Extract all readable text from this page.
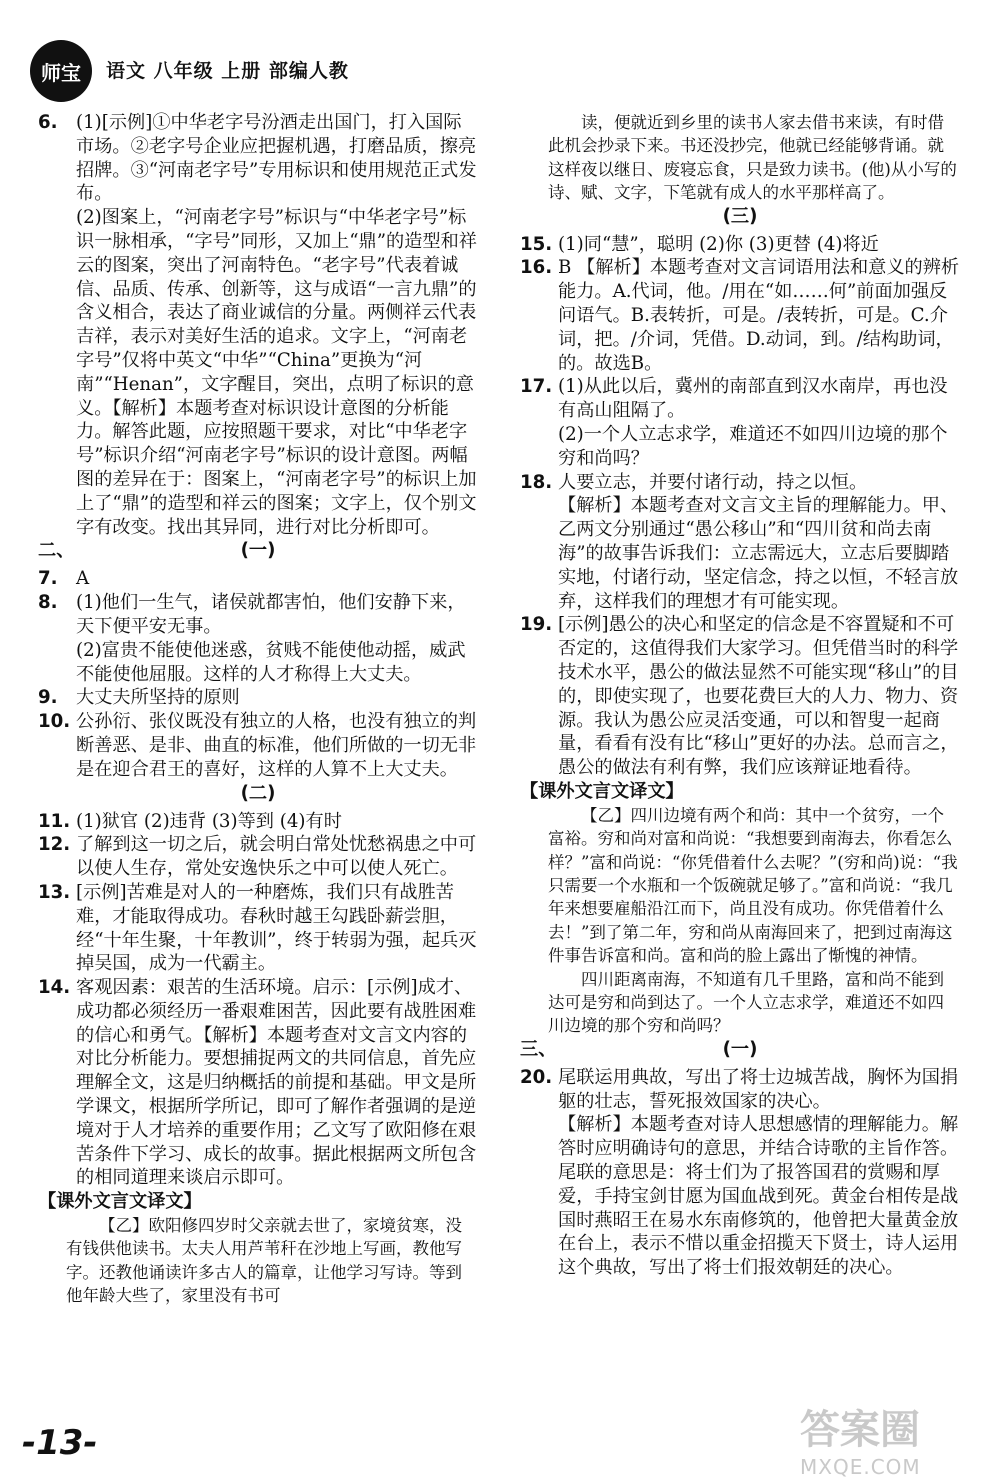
师宝 语文 八年级 上册 部编人教
6. (1)[示例]①中华老字号汾酒走出国门，打入国际市场。②老字号企业应把握机遇，打磨品质，擦亮招牌。③“河南老字号”专用标识和使用规范正式发布。

(2)图案上，“河南老字号”标识与“中华老字号”标识一脉相承，“字号”同形，又加上“鼎”的造型和祥云的图案，突出了河南特色。“老字号”代表着诚信、品质、传承、创新等，这与成语“一言九鼎”的含义相合，表达了商业诚信的分量。两侧祥云代表吉祥，表示对美好生活的追求。文字上，“河南老字号”仅将中英文“中华”“China”更换为“河南”“Henan”，文字醒目，突出，点明了标识的意义。【解析】本题考查对标识设计意图的分析能力。解答此题，应按照题干要求，对比“中华老字号”标识介绍“河南老字号”标识的设计意图。两幅图的差异在于：图案上，“河南老字号”的标识上加上了“鼎”的造型和祥云的图案；文字上，仅个别文字有改变。找出其异同，进行对比分析即可。

二、	(一)
7. A

8. (1)他们一生气，诸侯就都害怕，他们安静下来，天下便平安无事。

(2)富贵不能使他迷惑，贫贱不能使他动摇，威武不能使他屈服。这样的人才称得上大丈夫。

9. 大丈夫所坚持的原则

10. 公孙衍、张仪既没有独立的人格，也没有独立的判断善恶、是非、曲直的标准，他们所做的一切无非是在迎合君王的喜好，这样的人算不上大丈夫。

(二)
11. (1)狱官 (2)违背 (3)等到 (4)有时

12. 了解到这一切之后，就会明白常处忧愁祸患之中可以使人生存，常处安逸快乐之中可以使人死亡。

13. [示例]苦难是对人的一种磨炼，我们只有战胜苦难，才能取得成功。春秋时越王勾践卧薪尝胆，经“十年生聚，十年教训”，终于转弱为强，起兵灭掉吴国，成为一代霸主。

14. 客观因素：艰苦的生活环境。启示：[示例]成才、成功都必须经历一番艰难困苦，因此要有战胜困难的信心和勇气。【解析】本题考查对文言文内容的对比分析能力。要想捕捉两文的共同信息，首先应理解全文，这是归纳概括的前提和基础。甲文是所学课文，根据所学所记，即可了解作者强调的是逆境对于人才培养的重要作用；乙文写了欧阳修在艰苦条件下学习、成长的故事。据此根据两文所包含的相同道理来谈启示即可。

【课外文言文译文】

【乙】欧阳修四岁时父亲就去世了，家境贫寒，没有钱供他读书。太夫人用芦苇秆在沙地上写画，教他写字。还教他诵读许多古人的篇章，让他学习写诗。等到他年龄大些了，家里没有书可

读，便就近到乡里的读书人家去借书来读，有时借此机会抄录下来。书还没抄完，他就已经能够背诵。就这样夜以继日、废寝忘食，只是致力读书。(他)从小写的诗、赋、文字，下笔就有成人的水平那样高了。

(三)
15. (1)同“慧”，聪明 (2)你 (3)更替 (4)将近

16. B 【解析】本题考查对文言词语用法和意义的辨析能力。A.代词，他。/用在“如……何”前面加强反问语气。B.表转折，可是。/表转折，可是。C.介词，把。/介词，凭借。D.动词，到。/结构助词，的。故选B。

17. (1)从此以后，冀州的南部直到汉水南岸，再也没有高山阻隔了。

(2)一个人立志求学，难道还不如四川边境的那个穷和尚吗？

18. 人要立志，并要付诸行动，持之以恒。

【解析】本题考查对文言文主旨的理解能力。甲、乙两文分别通过“愚公移山”和“四川贫和尚去南海”的故事告诉我们：立志需远大，立志后要脚踏实地，付诸行动，坚定信念，持之以恒，不轻言放弃，这样我们的理想才有可能实现。

19. [示例]愚公的决心和坚定的信念是不容置疑和不可否定的，这值得我们大家学习。但凭借当时的科学技术水平，愚公的做法显然不可能实现“移山”的目的，即使实现了，也要花费巨大的人力、物力、资源。我认为愚公应灵活变通，可以和智叟一起商量，看看有没有比“移山”更好的办法。总而言之，愚公的做法有利有弊，我们应该辩证地看待。

【课外文言文译文】

【乙】四川边境有两个和尚：其中一个贫穷，一个富裕。穷和尚对富和尚说：“我想要到南海去，你看怎么样？”富和尚说：“你凭借着什么去呢？”(穷和尚)说：“我只需要一个水瓶和一个饭碗就足够了。”富和尚说：“我几年来想要雇船沿江而下，尚且没有成功。你凭借着什么去！”到了第二年，穷和尚从南海回来了，把到过南海这件事告诉富和尚。富和尚的脸上露出了惭愧的神情。

四川距离南海，不知道有几千里路，富和尚不能到达可是穷和尚到达了。一个人立志求学，难道还不如四川边境的那个穷和尚吗？

三、	(一)
20. 尾联运用典故，写出了将士边城苦战，胸怀为国捐躯的壮志，誓死报效国家的决心。

【解析】本题考查对诗人思想感情的理解能力。解答时应明确诗句的意思，并结合诗歌的主旨作答。尾联的意思是：将士们为了报答国君的赏赐和厚爱，手持宝剑甘愿为国血战到死。黄金台相传是战国时燕昭王在易水东南修筑的，他曾把大量黄金放在台上，表示不惜以重金招揽天下贤士，诗人运用这个典故，写出了将士们报效朝廷的决心。

-13-	答案圈
MXQE.COM
